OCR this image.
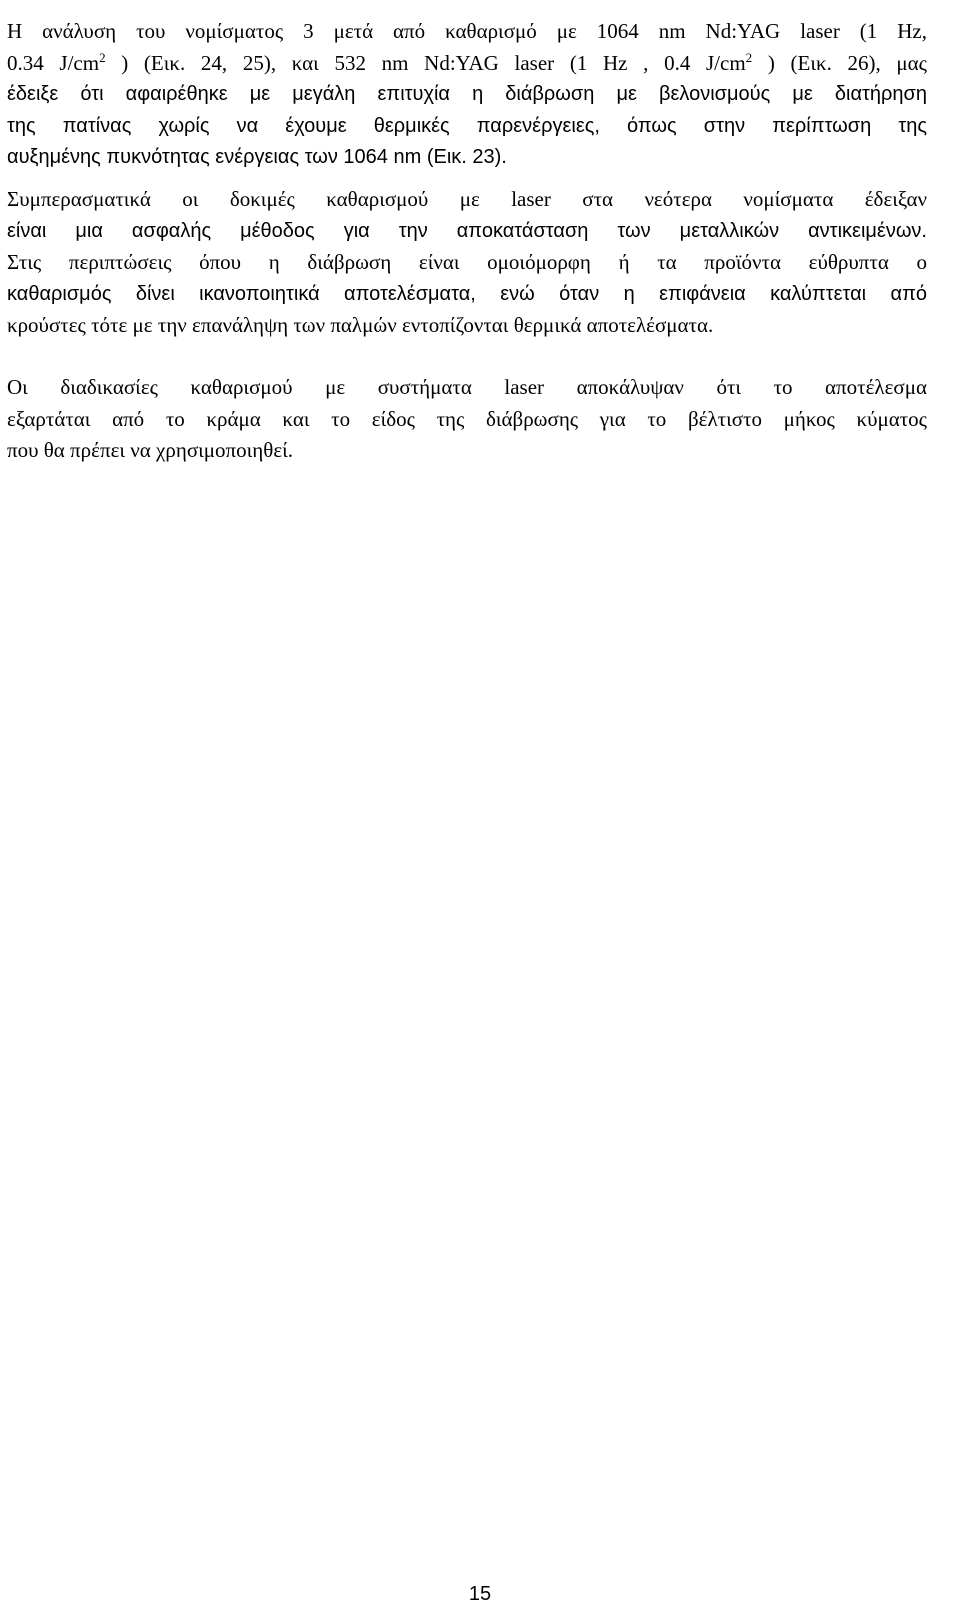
Η ανάλυση του νομίσματος 3 μετά από καθαρισμό με 1064 nm Nd:YAG laser (1 Hz,
0.34 $J/cm^2$ ) (Εικ. 24, 25), και 532 nm Nd:YAG laser (1 Hz , 0.4 $J/cm^2$ ) (Εικ. 26), μας
έδειξε ότι αφαιρέθηκε με μεγάλη επιτυχία η διάβρωση με βελονισμούς με διατήρηση
της πατίνας χωρίς να έχουμε θερμικές παρενέργειες, όπως στην περίπτωση της
αυξημένης πυκνότητας ενέργειας των 1064 nm (Εικ. 23).
Συμπερασματικά οι δοκιμές καθαρισμού με laser στα νεότερα νομίσματα έδειξαν
είναι μια ασφαλής μέθοδος για την αποκατάσταση των μεταλλικών αντικειμένων.
Στις περιπτώσεις όπου η διάβρωση είναι ομοιόμορφη ή τα προϊόντα εύθρυπτα ο
καθαρισμός δίνει ικανοποιητικά αποτελέσματα, ενώ όταν η επιφάνεια καλύπτεται από
κρούστες τότε με την επανάληψη των παλμών εντοπίζονται θερμικά αποτελέσματα.
Οι διαδικασίες καθαρισμού με συστήματα laser αποκάλυψαν ότι το αποτέλεσμα
εξαρτάται από το κράμα και το είδος της διάβρωσης για το βέλτιστο μήκος κύματος
που θα πρέπει να χρησιμοποιηθεί.
15
